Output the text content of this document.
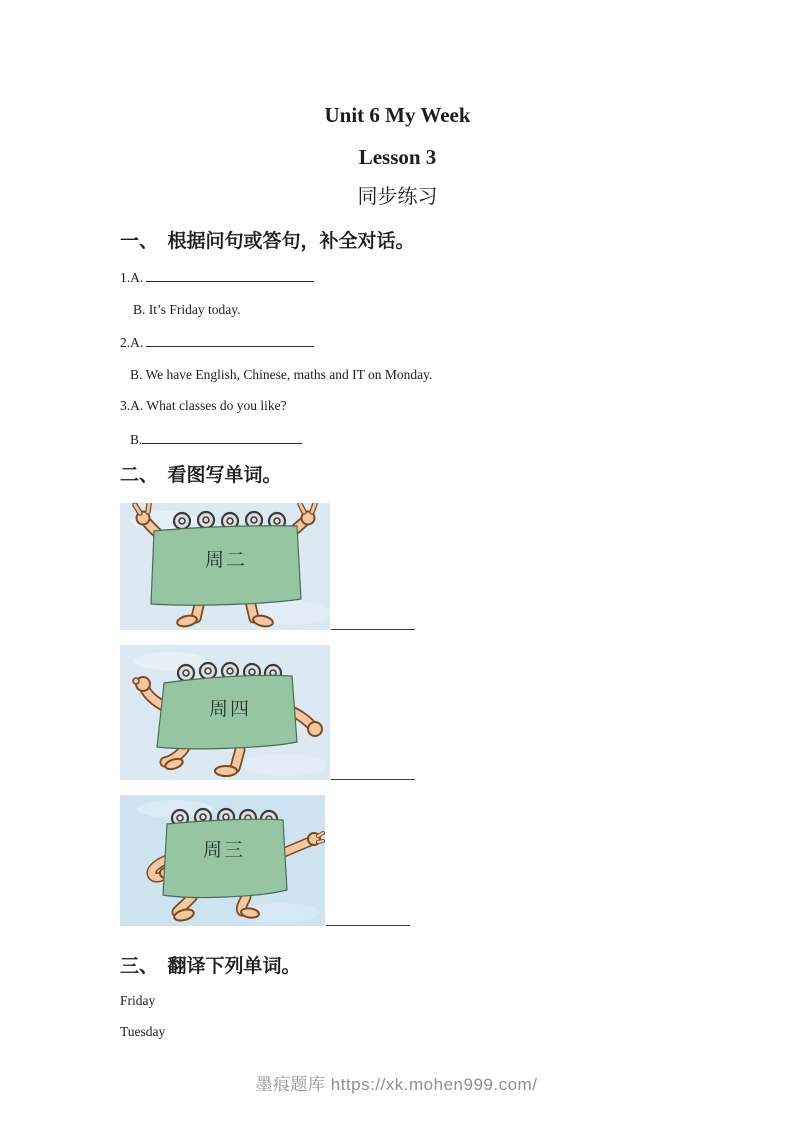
Unit 6 My Week
Lesson 3
同步练习
一、　根据问句或答句，补全对话。

1.A.

B. It’s Friday today.

2.A.

B. We have English, Chinese, maths and IT on Monday.

3.A. What classes do you like?

B.

二、　看图写单词。
周二
周四
周三
三、　翻译下列单词。

Friday

Tuesday

墨痕题库 https://xk.mohen999.com/
